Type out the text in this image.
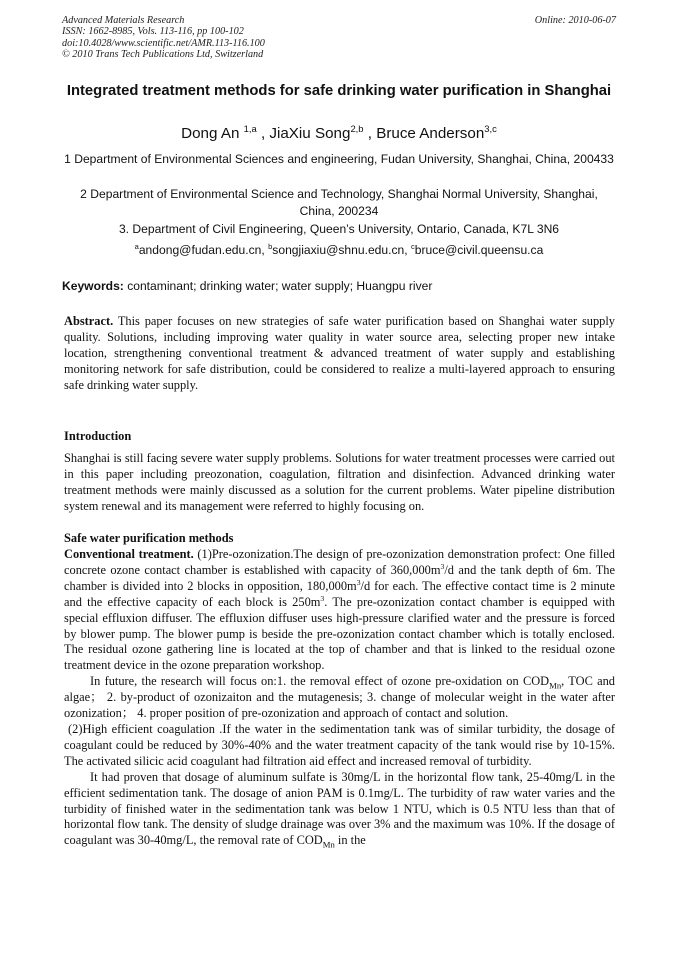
Advanced Materials Research
ISSN: 1662-8985, Vols. 113-116, pp 100-102
doi:10.4028/www.scientific.net/AMR.113-116.100
© 2010 Trans Tech Publications Ltd, Switzerland
Online: 2010-06-07
Integrated treatment methods for safe drinking water purification in Shanghai
Dong An $^{1,a}$ , JiaXiu Song$^{2,b}$ , Bruce Anderson$^{3,c}$
1 Department of Environmental Sciences and engineering, Fudan University, Shanghai, China, 200433
2 Department of Environmental Science and Technology, Shanghai Normal University, Shanghai, China, 200234
3. Department of Civil Engineering, Queen’s University, Ontario, Canada, K7L 3N6
$^a$andong@fudan.edu.cn, $^b$songjiaxiu@shnu.edu.cn, $^c$bruce@civil.queensu.ca
Keywords: contaminant; drinking water; water supply; Huangpu river

Abstract. This paper focuses on new strategies of safe water purification based on Shanghai water supply quality. Solutions, including improving water quality in water source area, selecting proper new intake location, strengthening conventional treatment & advanced treatment of water supply and establishing monitoring network for safe distribution, could be considered to realize a multi-layered approach to ensuring safe drinking water supply.

Introduction
Shanghai is still facing severe water supply problems. Solutions for water treatment processes were carried out in this paper including preozonation, coagulation, filtration and disinfection. Advanced drinking water treatment methods were mainly discussed as a solution for the current problems. Water pipeline distribution system renewal and its management were referred to highly focusing on.
Safe water purification methods

Conventional treatment. (1)Pre-ozonization.The design of pre-ozonization demonstration profect: One filled concrete ozone contact chamber is established with capacity of $360,000m^3/d$ and the tank depth of 6m. The chamber is divided into 2 blocks in opposition, $180,000m^3/d$ for each. The effective contact time is 2 minute and the effective capacity of each block is $250m^3$. The pre-ozonization contact chamber is equipped with special effluxion diffuser. The effluxion diffuser uses high-pressure clarified water and the pressure is forced by blower pump. The blower pump is beside the pre-ozonization contact chamber which is totally enclosed. The residual ozone gathering line is located at the top of chamber and that is linked to the residual ozone treatment device in the ozone preparation workshop.

In future, the research will focus on:1. the removal effect of ozone pre-oxidation on $COD_{Mn}$, TOC and algae； 2. by-product of ozonizaiton and the mutagenesis; 3. change of molecular weight in the water after ozonization； 4. proper position of pre-ozonization and approach of contact and solution.

(2)High efficient coagulation .If the water in the sedimentation tank was of similar turbidity, the dosage of coagulant could be reduced by 30%-40% and the water treatment capacity of the tank would rise by 10-15%. The activated silicic acid coagulant had filtration aid effect and increased removal of turbidity.

It had proven that dosage of aluminum sulfate is 30mg/L in the horizontal flow tank, 25-40mg/L in the efficient sedimentation tank. The dosage of anion PAM is 0.1mg/L. The turbidity of raw water varies and the turbidity of finished water in the sedimentation tank was below 1 NTU, which is 0.5 NTU less than that of horizontal flow tank. The density of sludge drainage was over 3% and the maximum was 10%. If the dosage of coagulant was 30-40mg/L, the removal rate of $COD_{Mn}$ in the
